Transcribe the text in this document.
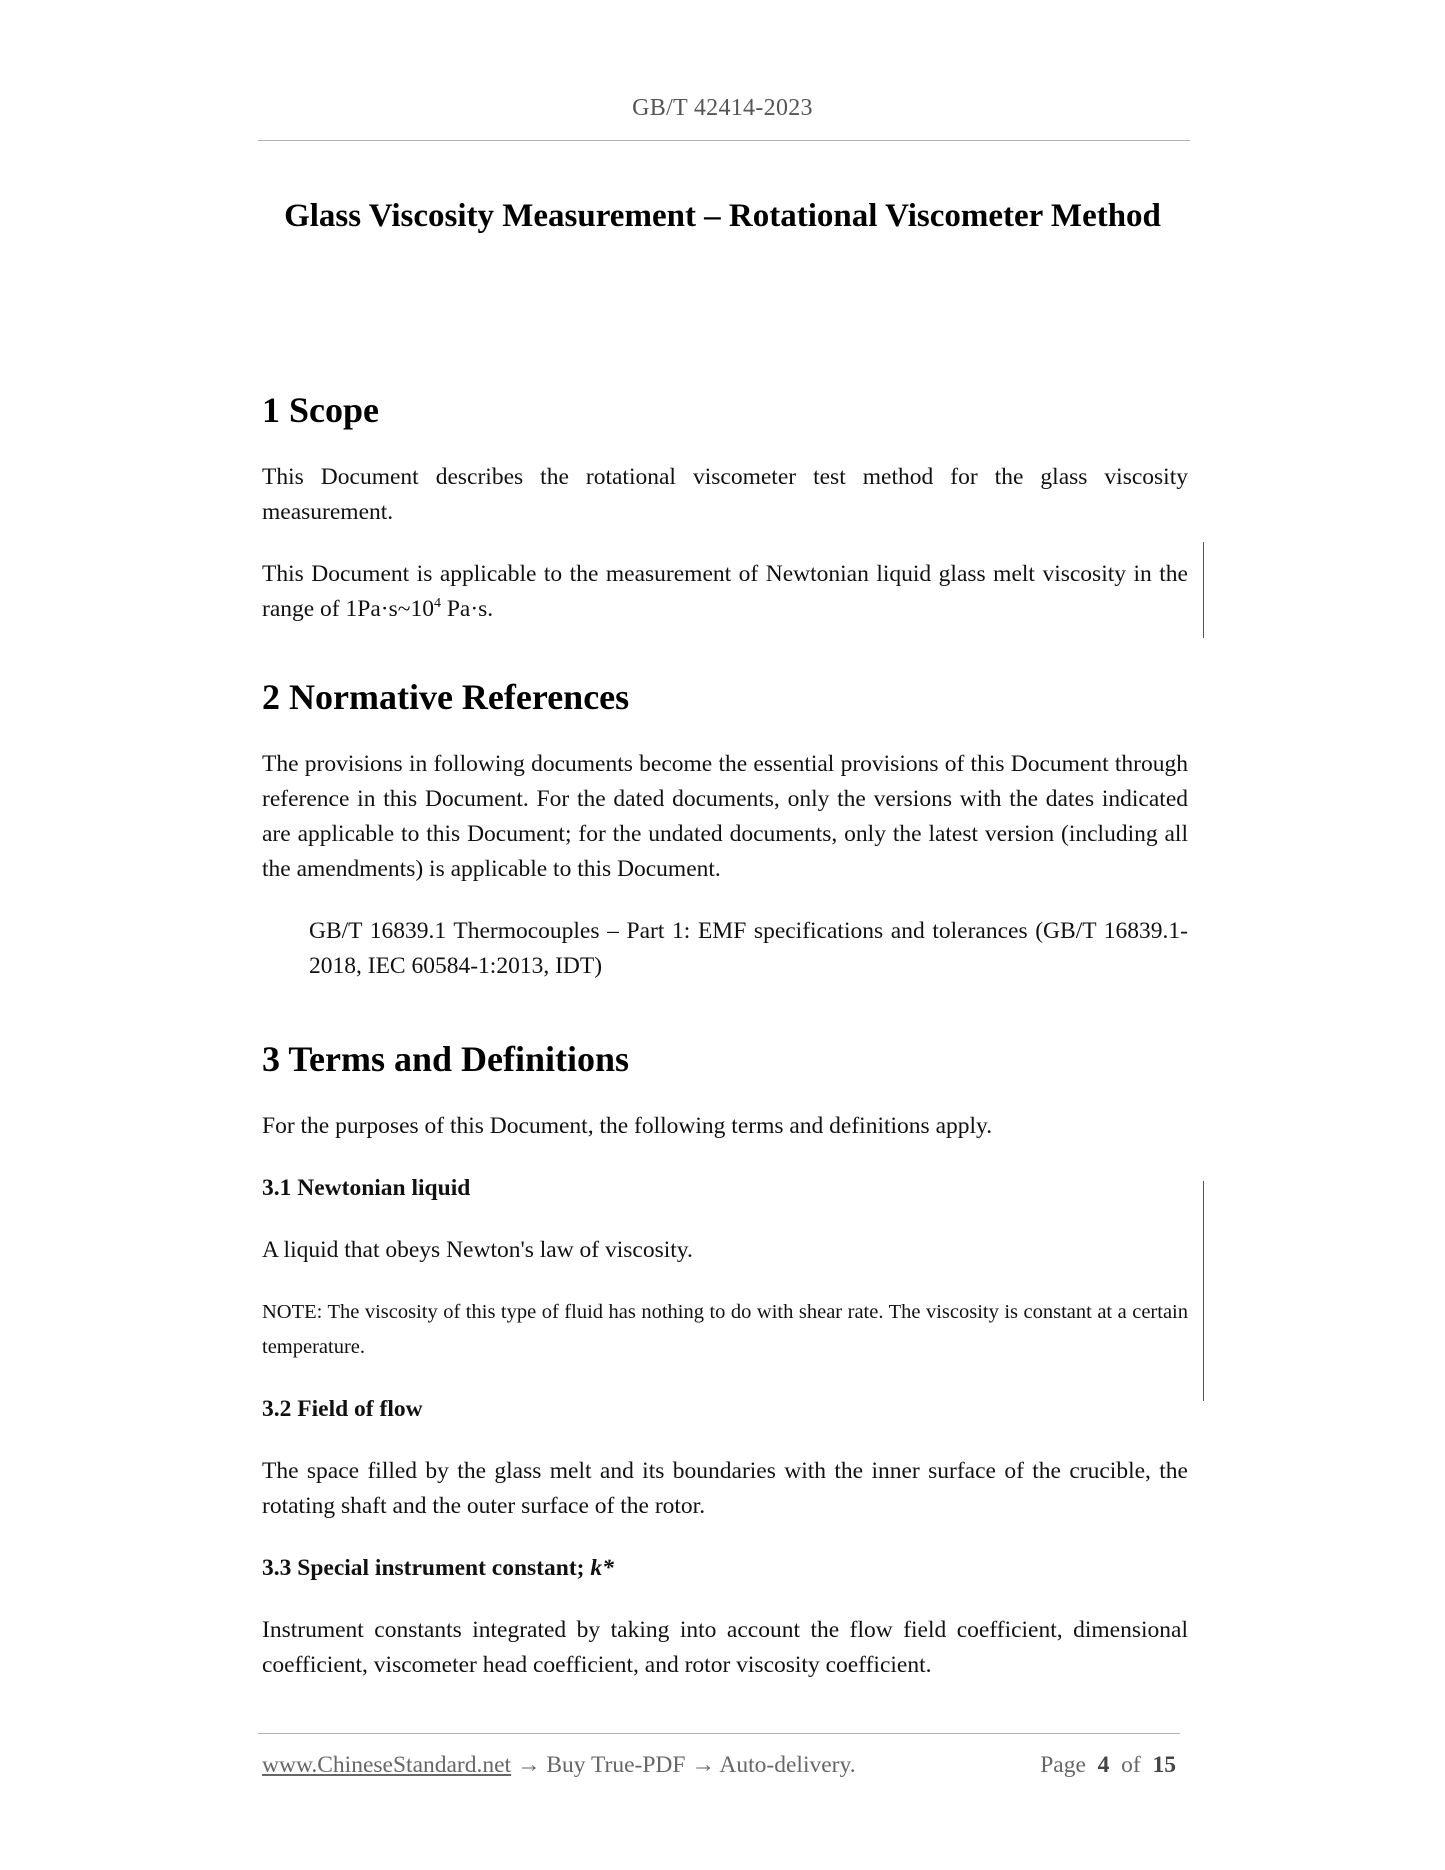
GB/T 42414-2023
Glass Viscosity Measurement – Rotational Viscometer Method
1 Scope

This Document describes the rotational viscometer test method for the glass viscosity measurement.

This Document is applicable to the measurement of Newtonian liquid glass melt viscosity in the range of $1Pa\cdot s\sim 10^4$ Pa·s.

2 Normative References

The provisions in following documents become the essential provisions of this Document through reference in this Document. For the dated documents, only the versions with the dates indicated are applicable to this Document; for the undated documents, only the latest version (including all the amendments) is applicable to this Document.

GB/T 16839.1 Thermocouples – Part 1: EMF specifications and tolerances (GB/T 16839.1-2018, IEC 60584-1:2013, IDT)

3 Terms and Definitions

For the purposes of this Document, the following terms and definitions apply.

3.1 Newtonian liquid

A liquid that obeys Newton's law of viscosity.

NOTE: The viscosity of this type of fluid has nothing to do with shear rate. The viscosity is constant at a certain temperature.

3.2 Field of flow

The space filled by the glass melt and its boundaries with the inner surface of the crucible, the rotating shaft and the outer surface of the rotor.

3.3 Special instrument constant; k*

Instrument constants integrated by taking into account the flow field coefficient, dimensional coefficient, viscometer head coefficient, and rotor viscosity coefficient.

www.ChineseStandard.net → Buy True-PDF → Auto-delivery.	Page 4 of 15
